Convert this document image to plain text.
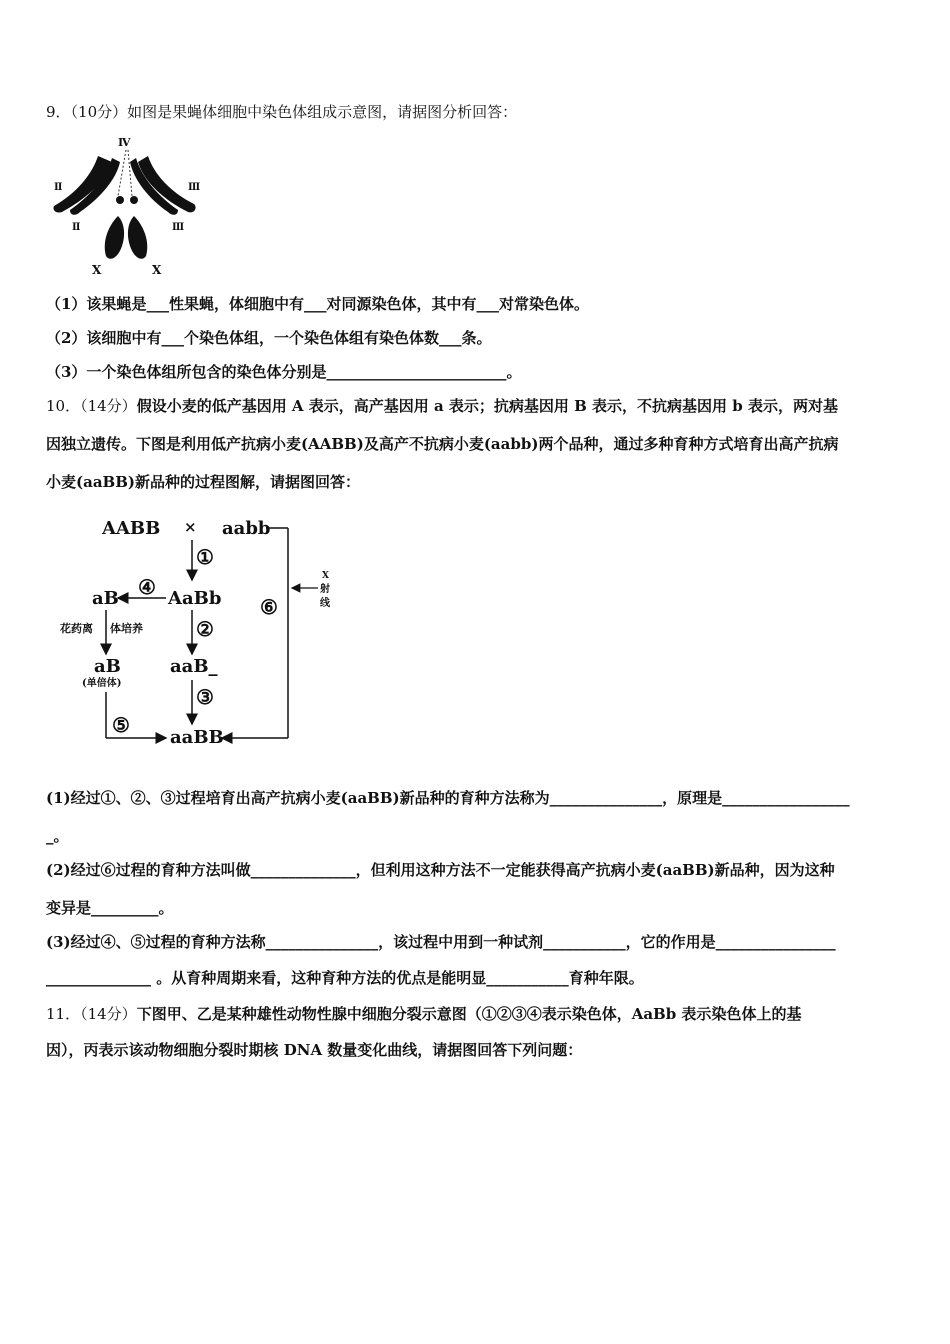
9．（10分）如图是果蝇体细胞中染色体组成示意图，请据图分析回答：
Ⅳ
Ⅱ
Ⅱ
Ⅲ
Ⅲ
X	X
（1）该果蝇是___性果蝇，体细胞中有___对同源染色体，其中有___对常染色体。
（2）该细胞中有___个染色体组，一个染色体组有染色体数___条。
（3）一个染色体组所包含的染色体分别是________________________。
10．（14分）假设小麦的低产基因用 A 表示，高产基因用 a 表示；抗病基因用 B 表示，不抗病基因用 b 表示，两对基
因独立遗传。下图是利用低产抗病小麦(AABB)及高产不抗病小麦(aabb)两个品种，通过多种育种方式培育出高产抗病
小麦(aaBB)新品种的过程图解，请据图回答：
AABB × aabb
X
射
线
⑥
①
AaBb
④
aB
花药离 体培养
aB
(单倍体)
②
aaB_
③
⑤
aaBB
(1)经过①、②、③过程培育出高产抗病小麦(aaBB)新品种的育种方法称为_______________，原理是_________________
_。
(2)经过⑥过程的育种方法叫做______________，但利用这种方法不一定能获得高产抗病小麦(aaBB)新品种，因为这种
变异是_________。
(3)经过④、⑤过程的育种方法称_______________，该过程中用到一种试剂___________，它的作用是________________
______________ 。从育种周期来看，这种育种方法的优点是能明显___________育种年限。
11．（14分）下图甲、乙是某种雄性动物性腺中细胞分裂示意图（①②③④表示染色体，AaBb 表示染色体上的基
因），丙表示该动物细胞分裂时期核 DNA 数量变化曲线，请据图回答下列问题：
